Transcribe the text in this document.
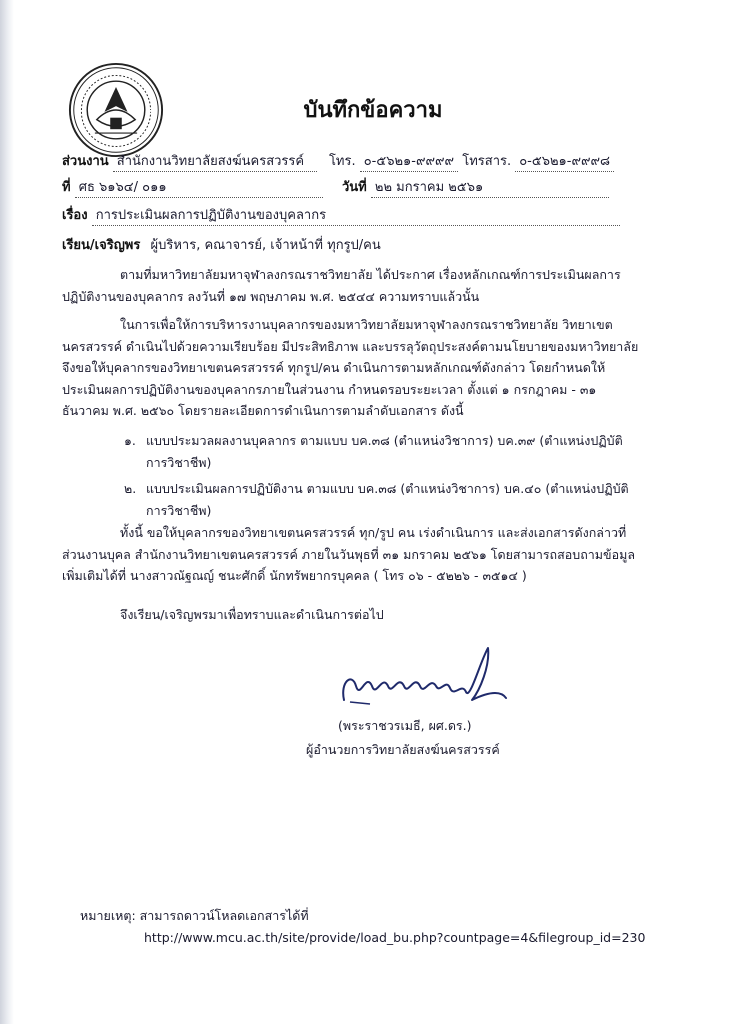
บันทึกข้อความ
ส่วนงาน สำนักงานวิทยาลัยสงฆ์นครสวรรค์ โทร. ๐-๕๖๒๑-๙๙๙๙ โทรสาร. ๐-๕๖๒๑-๙๙๙๘
ที่ ศธ ๖๑๖๔/ ๐๑๑	วันที่ ๒๒ มกราคม ๒๕๖๑
เรื่อง การประเมินผลการปฏิบัติงานของบุคลากร
เรียน/เจริญพร ผู้บริหาร, คณาจารย์, เจ้าหน้าที่ ทุกรูป/คน

ตามที่มหาวิทยาลัยมหาจุฬาลงกรณราชวิทยาลัย ได้ประกาศ เรื่องหลักเกณฑ์การประเมินผลการปฏิบัติงานของบุคลากร ลงวันที่ ๑๗ พฤษภาคม พ.ศ. ๒๕๔๔ ความทราบแล้วนั้น

ในการเพื่อให้การบริหารงานบุคลากรของมหาวิทยาลัยมหาจุฬาลงกรณราชวิทยาลัย วิทยาเขตนครสวรรค์ ดำเนินไปด้วยความเรียบร้อย มีประสิทธิภาพ และบรรลุวัตถุประสงค์ตามนโยบายของมหาวิทยาลัย จึงขอให้บุคลากรของวิทยาเขตนครสวรรค์ ทุกรูป/คน ดำเนินการตามหลักเกณฑ์ดังกล่าว โดยกำหนดให้ประเมินผลการปฏิบัติงานของบุคลากรภายในส่วนงาน กำหนดรอบระยะเวลา ตั้งแต่ ๑ กรกฎาคม - ๓๑ ธันวาคม พ.ศ. ๒๕๖๐ โดยรายละเอียดการดำเนินการตามลำดับเอกสาร ดังนี้

๑. แบบประมวลผลงานบุคลากร ตามแบบ บค.๓๘ (ตำแหน่งวิชาการ) บค.๓๙ (ตำแหน่งปฏิบัติการวิชาชีพ)
๒. แบบประเมินผลการปฏิบัติงาน ตามแบบ บค.๓๘ (ตำแหน่งวิชาการ) บค.๔๐ (ตำแหน่งปฏิบัติการวิชาชีพ)

ทั้งนี้ ขอให้บุคลากรของวิทยาเขตนครสวรรค์ ทุก/รูป คน เร่งดำเนินการ และส่งเอกสารดังกล่าวที่ส่วนงานบุคล สำนักงานวิทยาเขตนครสวรรค์ ภายในวันพุธที่ ๓๑ มกราคม ๒๕๖๑ โดยสามารถสอบถามข้อมูลเพิ่มเติมได้ที่ นางสาวณัฐณญ์ ชนะศักดิ์ นักทรัพยากรบุคคล ( โทร ๐๖ - ๕๒๒๖ - ๓๕๑๔ )

จึงเรียน/เจริญพรมาเพื่อทราบและดำเนินการต่อไป

(พระราชวรเมธี, ผศ.ดร.)
ผู้อำนวยการวิทยาลัยสงฆ์นครสวรรค์
หมายเหตุ: สามารถดาวน์โหลดเอกสารได้ที่
http://www.mcu.ac.th/site/provide/load_bu.php?countpage=4&filegroup_id=230
